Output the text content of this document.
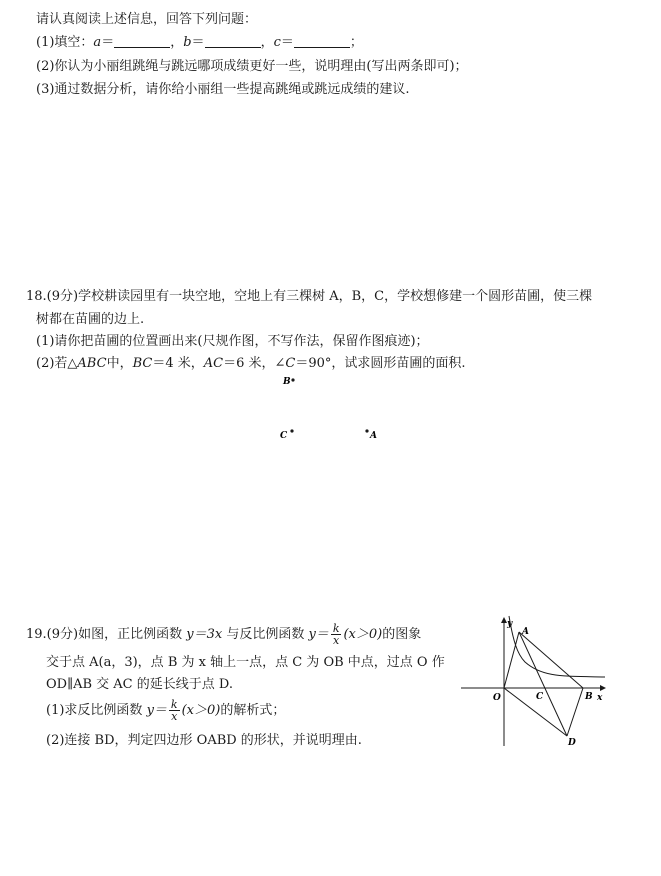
请认真阅读上述信息，回答下列问题：
(1)填空：a＝	，b＝	，c＝	；
(2)你认为小丽组跳绳与跳远哪项成绩更好一些，说明理由(写出两条即可)；
(3)通过数据分析，请你给小丽组一些提高跳绳或跳远成绩的建议.
18.(9分)学校耕读园里有一块空地，空地上有三棵树 A，B，C，学校想修建一个圆形苗圃，使三棵
树都在苗圃的边上.
(1)请你把苗圃的位置画出来(尺规作图，不写作法，保留作图痕迹)；
(2)若△ABC中，BC＝4 米，AC＝6 米，∠C＝90°，试求圆形苗圃的面积.
B
C	A
19.(9分)如图，正比例函数 y＝3x 与反比例函数 $y= \frac{k}{x} (x>0)$的图象
交于点 A(a，3)，点 B 为 x 轴上一点，点 C 为 OB 中点，过点 O 作
OD∥AB 交 AC 的延长线于点 D.
(1)求反比例函数 $y= \frac{k}{x} (x>0)$的解析式；
(2)连接 BD，判定四边形 OABD 的形状，并说明理由.
y
x
O
A
C	B
D
